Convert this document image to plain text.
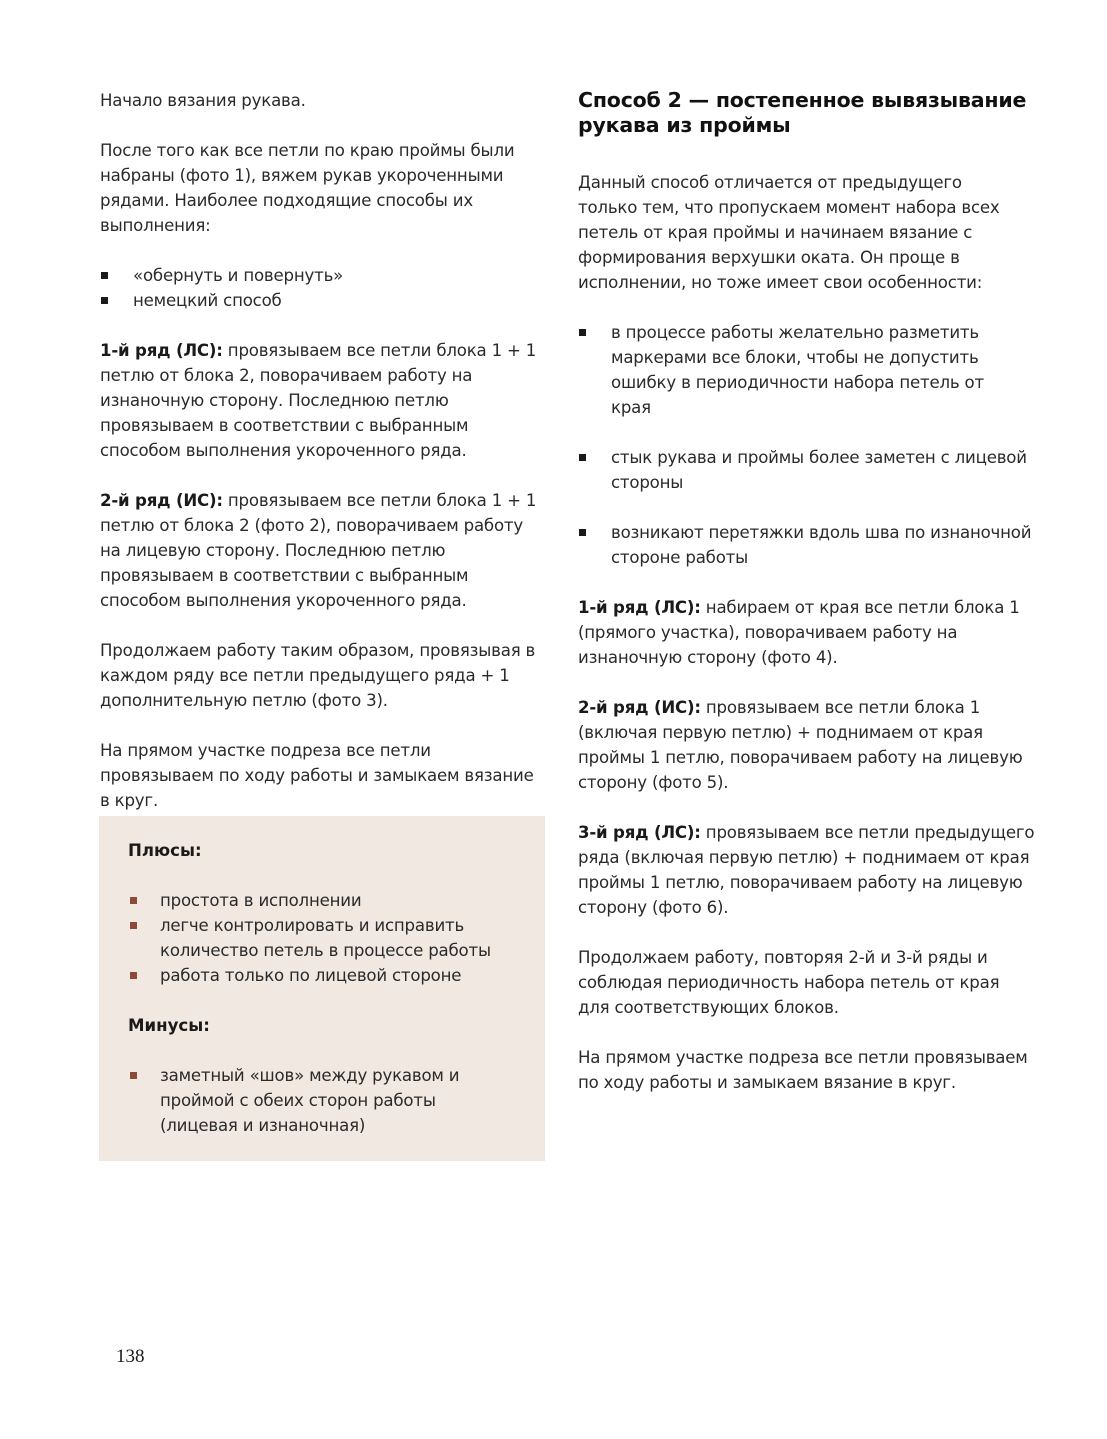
Начало вязания рукава.

После того как все петли по краю проймы были набраны (фото 1), вяжем рукав укороченными рядами. Наиболее подходящие способы их выполнения:

«обернуть и повернуть»
немецкий способ

1-й ряд (ЛС): провязываем все петли блока 1 + 1 петлю от блока 2, поворачиваем работу на изнаночную сторону. Последнюю петлю провязываем в соответствии с выбранным способом выполнения укороченного ряда.

2-й ряд (ИС): провязываем все петли блока 1 + 1 петлю от блока 2 (фото 2), поворачиваем работу на лицевую сторону. Последнюю петлю провязываем в соответствии с выбранным способом выполнения укороченного ряда.

Продолжаем работу таким образом, провязывая в каждом ряду все петли предыдущего ряда + 1 дополнительную петлю (фото 3).

На прямом участке подреза все петли провязываем по ходу работы и замыкаем вязание в круг.

Плюсы:
простота в исполнении
легче контролировать и исправить количество петель в процессе работы
работа только по лицевой стороне
Минусы:
заметный «шов» между рукавом и проймой с обеих сторон работы (лицевая и изнаночная)
Способ 2 — постепенное вывязывание рукава из проймы

Данный способ отличается от предыдущего только тем, что пропускаем момент набора всех петель от края проймы и начинаем вязание с формирования верхушки оката. Он проще в исполнении, но тоже имеет свои особенности:

в процессе работы желательно разметить маркерами все блоки, чтобы не допустить ошибку в периодичности набора петель от края
стык рукава и проймы более заметен с лицевой стороны
возникают перетяжки вдоль шва по изнаночной стороне работы

1-й ряд (ЛС): набираем от края все петли блока 1 (прямого участка), поворачиваем работу на изнаночную сторону (фото 4).

2-й ряд (ИС): провязываем все петли блока 1 (включая первую петлю) + поднимаем от края проймы 1 петлю, поворачиваем работу на лицевую сторону (фото 5).

3-й ряд (ЛС): провязываем все петли предыдущего ряда (включая первую петлю) + поднимаем от края проймы 1 петлю, поворачиваем работу на лицевую сторону (фото 6).

Продолжаем работу, повторяя 2-й и 3-й ряды и соблюдая периодичность набора петель от края для соответствующих блоков.

На прямом участке подреза все петли провязываем по ходу работы и замыкаем вязание в круг.

138
